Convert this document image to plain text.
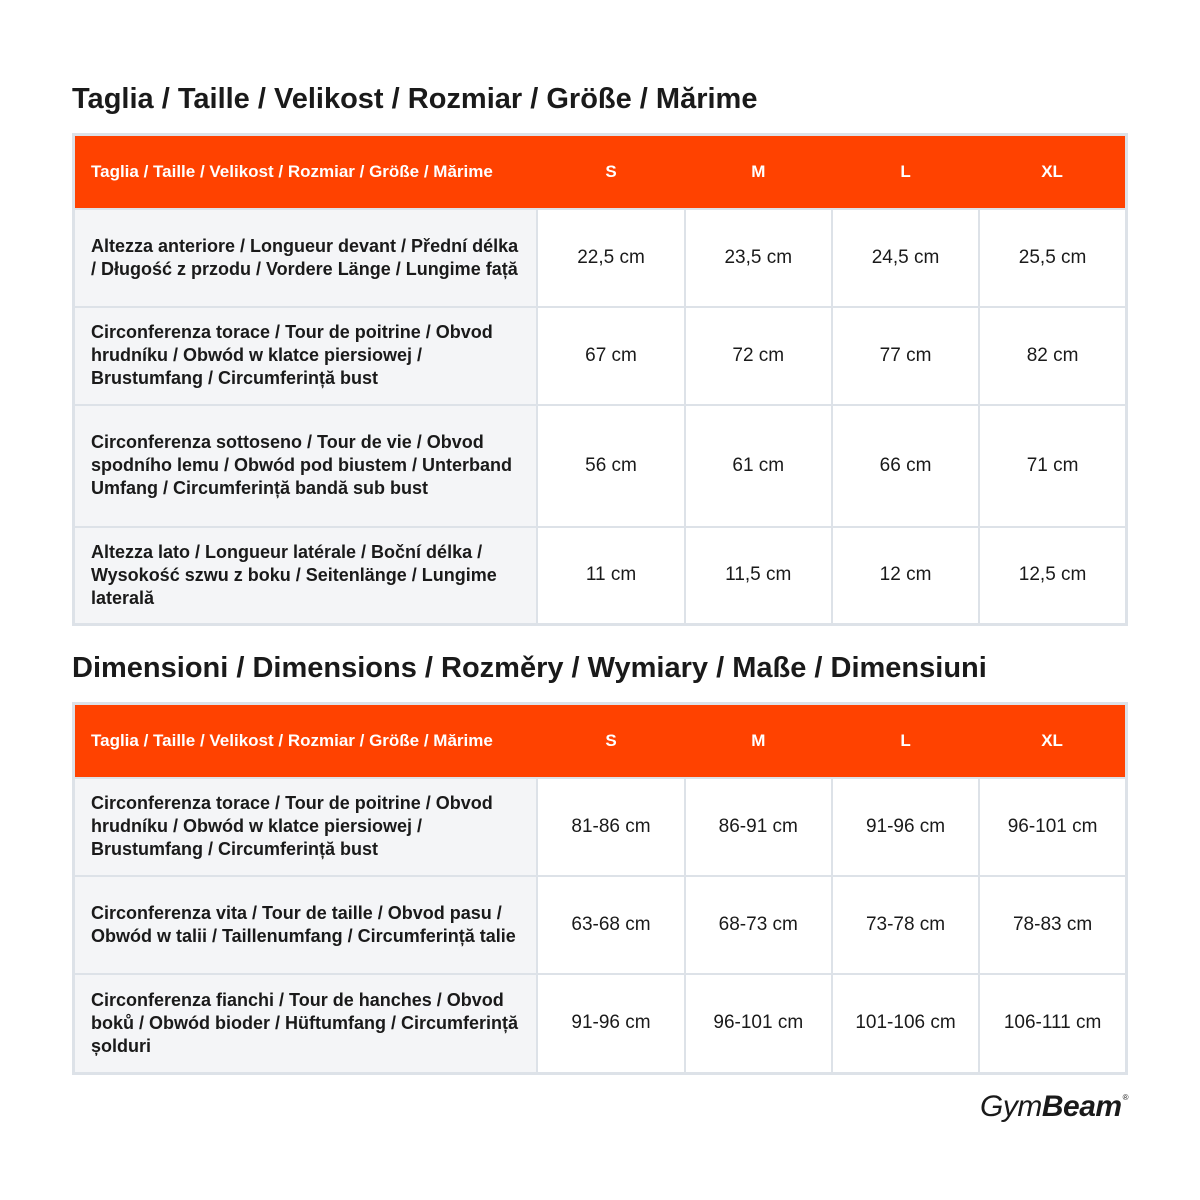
Taglia / Taille / Velikost / Rozmiar / Größe / Mărime
Taglia / Taille / Velikost / Rozmiar / Größe / Mărime	S	M	L	XL
Altezza anteriore / Longueur devant / Přední délka / Długość z przodu / Vordere Länge / Lungime față	22,5 cm	23,5 cm	24,5 cm	25,5 cm
Circonferenza torace / Tour de poitrine / Obvod hrudníku / Obwód w klatce piersiowej / Brustumfang / Circumferință bust	67 cm	72 cm	77 cm	82 cm
Circonferenza sottoseno / Tour de vie / Obvod spodního lemu / Obwód pod biustem / Unterband Umfang / Circumferință bandă sub bust	56 cm	61 cm	66 cm	71 cm
Altezza lato / Longueur latérale / Boční délka / Wysokość szwu z boku / Seitenlänge / Lungime laterală	11 cm	11,5 cm	12 cm	12,5 cm
Dimensioni / Dimensions / Rozměry / Wymiary / Maße / Dimensiuni
Taglia / Taille / Velikost / Rozmiar / Größe / Mărime	S	M	L	XL
Circonferenza torace / Tour de poitrine / Obvod hrudníku / Obwód w klatce piersiowej / Brustumfang / Circumferință bust	81-86 cm	86-91 cm	91-96 cm	96-101 cm
Circonferenza vita / Tour de taille / Obvod pasu / Obwód w talii / Taillenumfang / Circumferință talie	63-68 cm	68-73 cm	73-78 cm	78-83 cm
Circonferenza fianchi / Tour de hanches / Obvod boků / Obwód bioder / Hüftumfang / Circumferință șolduri	91-96 cm	96-101 cm	101-106 cm	106-111 cm
Gym Beam ®
